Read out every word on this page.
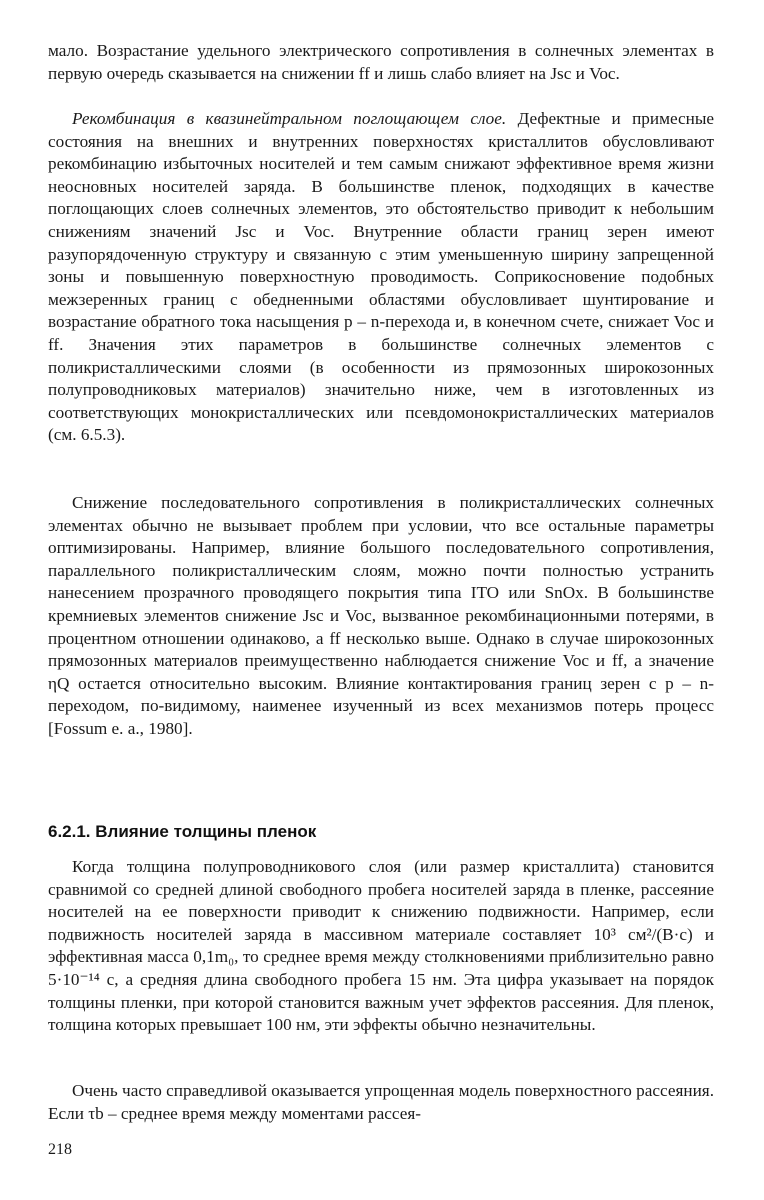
мало. Возрастание удельного электрического сопротивления в солнечных элементах в первую очередь сказывается на снижении ff и лишь слабо влияет на Jsc и Voc.

Рекомбинация в квазинейтральном поглощающем слое. Дефектные и примесные состояния на внешних и внутренних поверхностях кристаллитов обусловливают рекомбинацию избыточных носителей и тем самым снижают эффективное время жизни неосновных носителей заряда. В большинстве пленок, подходящих в качестве поглощающих слоев солнечных элементов, это обстоятельство приводит к небольшим снижениям значений Jsc и Voc. Внутренние области границ зерен имеют разупорядоченную структуру и связанную с этим уменьшенную ширину запрещенной зоны и повышенную поверхностную проводимость. Соприкосновение подобных межзеренных границ с обедненными областями обусловливает шунтирование и возрастание обратного тока насыщения p – n-перехода и, в конечном счете, снижает Voc и ff. Значения этих параметров в большинстве солнечных элементов с поликристаллическими слоями (в особенности из прямозонных широкозонных полупроводниковых материалов) значительно ниже, чем в изготовленных из соответствующих монокристаллических или псевдомонокристаллических материалов (см. 6.5.3).

Снижение последовательного сопротивления в поликристаллических солнечных элементах обычно не вызывает проблем при условии, что все остальные параметры оптимизированы. Например, влияние большого последовательного сопротивления, параллельного поликристаллическим слоям, можно почти полностью устранить нанесением прозрачного проводящего покрытия типа ITO или SnOx. В большинстве кремниевых элементов снижение Jsc и Voc, вызванное рекомбинационными потерями, в процентном отношении одинаково, а ff несколько выше. Однако в случае широкозонных прямозонных материалов преимущественно наблюдается снижение Voc и ff, а значение ηQ остается относительно высоким. Влияние контактирования границ зерен с p – n-переходом, по-видимому, наименее изученный из всех механизмов потерь процесс [Fossum e. a., 1980].

6.2.1. Влияние толщины пленок

Когда толщина полупроводникового слоя (или размер кристаллита) становится сравнимой со средней длиной свободного пробега носителей заряда в пленке, рассеяние носителей на ее поверхности приводит к снижению подвижности. Например, если подвижность носителей заряда в массивном материале составляет 10³ см²/(В·с) и эффективная масса 0,1m₀, то среднее время между столкновениями приблизительно равно 5·10⁻¹⁴ с, а средняя длина свободного пробега 15 нм. Эта цифра указывает на порядок толщины пленки, при которой становится важным учет эффектов рассеяния. Для пленок, толщина которых превышает 100 нм, эти эффекты обычно незначительны.

Очень часто справедливой оказывается упрощенная модель поверхностного рассеяния. Если τb – среднее время между моментами рассея-

218
